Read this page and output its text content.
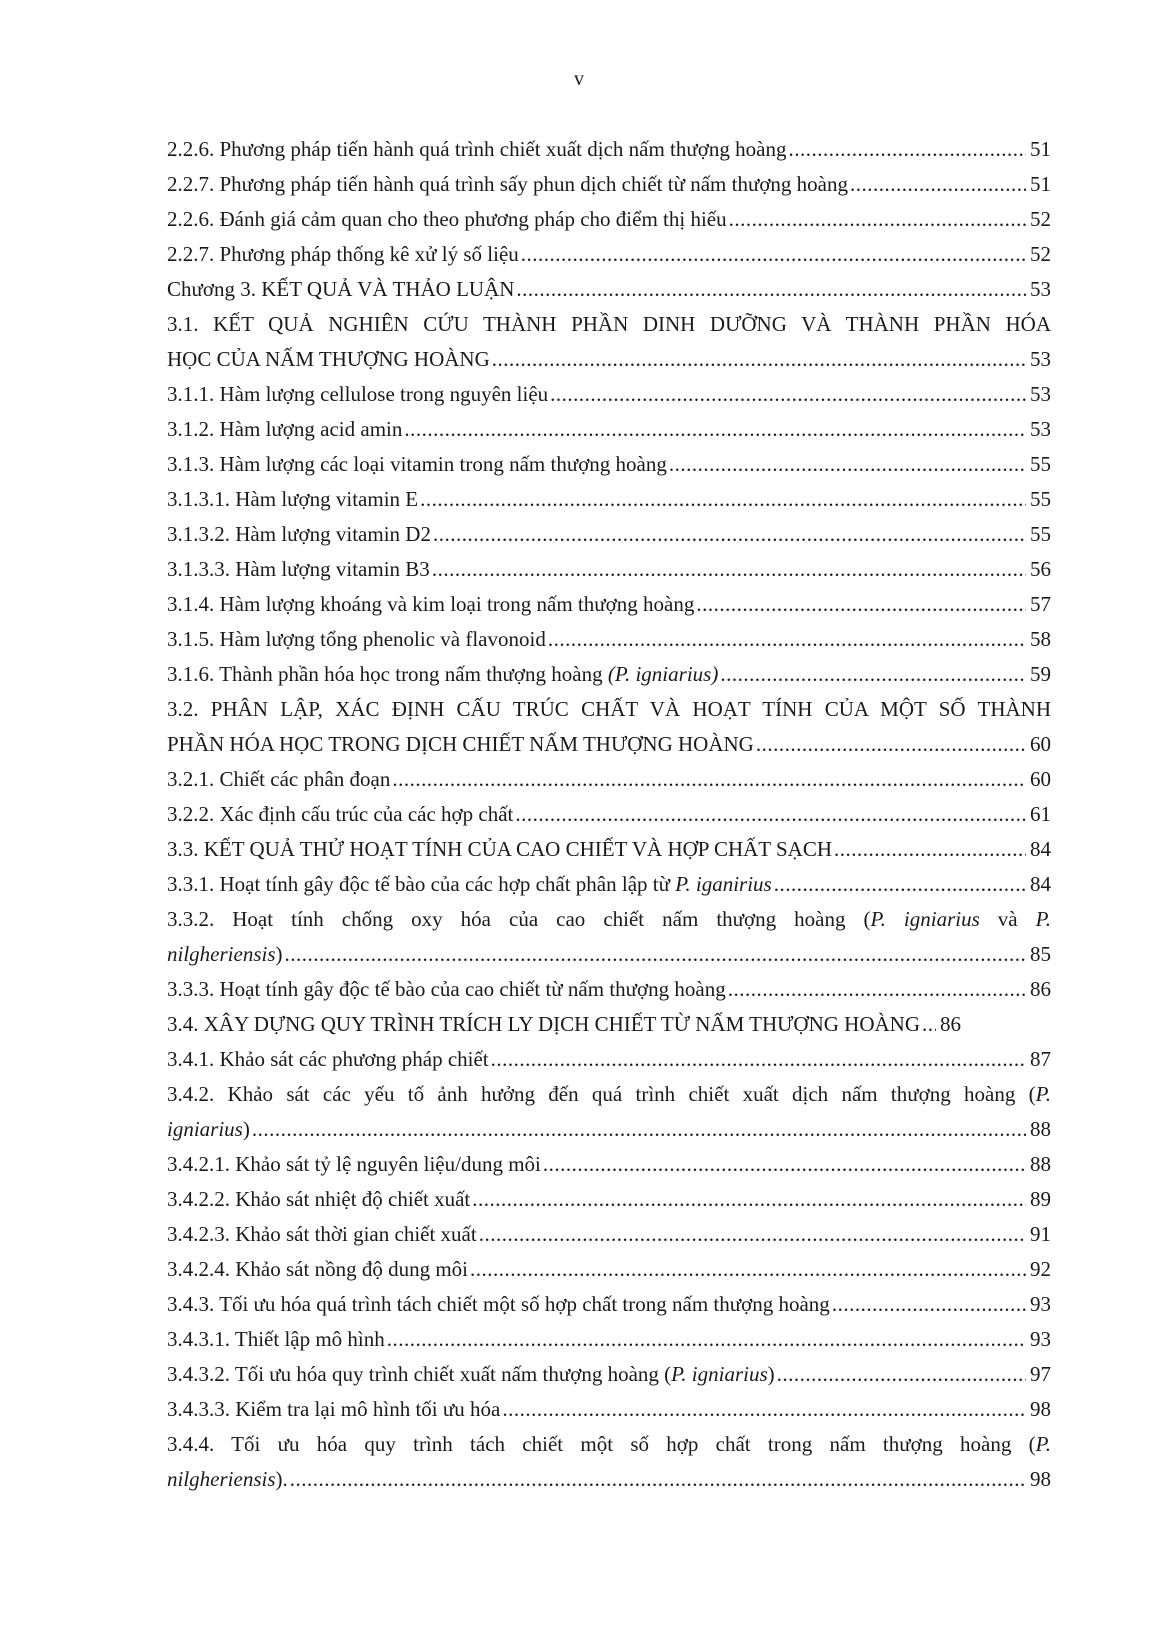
v
2.2.6. Phương pháp tiến hành quá trình chiết xuất dịch nấm thượng hoàng .....	51
2.2.7. Phương pháp tiến hành quá trình sấy phun dịch chiết từ nấm thượng hoàng .....	51
2.2.6. Đánh giá cảm quan cho theo phương pháp cho điểm thị hiếu .....	52
2.2.7. Phương pháp thống kê xử lý số liệu .....	52
Chương 3. KẾT QUẢ VÀ THẢO LUẬN .....	53
3.1. KẾT QUẢ NGHIÊN CỨU THÀNH PHẦN DINH DƯỠNG VÀ THÀNH PHẦN HÓA
HỌC CỦA NẤM THƯỢNG HOÀNG .....	53
3.1.1. Hàm lượng cellulose trong nguyên liệu .....	53
3.1.2. Hàm lượng acid amin .....	53
3.1.3. Hàm lượng các loại vitamin trong nấm thượng hoàng .....	55
3.1.3.1. Hàm lượng vitamin E .....	55
3.1.3.2. Hàm lượng vitamin D2 .....	55
3.1.3.3. Hàm lượng vitamin B3 .....	56
3.1.4. Hàm lượng khoáng và kim loại trong nấm thượng hoàng .....	57
3.1.5. Hàm lượng tổng phenolic và flavonoid .....	58
3.1.6. Thành phần hóa học trong nấm thượng hoàng (P. igniarius) .....	59
3.2. PHÂN LẬP, XÁC ĐỊNH CẤU TRÚC CHẤT VÀ HOẠT TÍNH CỦA MỘT SỐ THÀNH
PHẦN HÓA HỌC TRONG DỊCH CHIẾT NẤM THƯỢNG HOÀNG .....	60
3.2.1. Chiết các phân đoạn .....	60
3.2.2. Xác định cấu trúc của các hợp chất .....	61
3.3. KẾT QUẢ THỬ HOẠT TÍNH CỦA CAO CHIẾT VÀ HỢP CHẤT SẠCH .....	84
3.3.1. Hoạt tính gây độc tế bào của các hợp chất phân lập từ P. iganirius .....	84
3.3.2. Hoạt tính chống oxy hóa của cao chiết nấm thượng hoàng (P. igniarius và P.
nilgheriensis) .....	85
3.3.3. Hoạt tính gây độc tế bào của cao chiết từ nấm thượng hoàng .....	86
3.4. XÂY DỰNG QUY TRÌNH TRÍCH LY DỊCH CHIẾT TỪ NẤM THƯỢNG HOÀNG ..... 86
3.4.1. Khảo sát các phương pháp chiết .....	87
3.4.2. Khảo sát các yếu tố ảnh hưởng đến quá trình chiết xuất dịch nấm thượng hoàng (P.
igniarius) .....	88
3.4.2.1. Khảo sát tỷ lệ nguyên liệu/dung môi .....	88
3.4.2.2. Khảo sát nhiệt độ chiết xuất .....	89
3.4.2.3. Khảo sát thời gian chiết xuất .....	91
3.4.2.4. Khảo sát nồng độ dung môi .....	92
3.4.3. Tối ưu hóa quá trình tách chiết một số hợp chất trong nấm thượng hoàng .....	93
3.4.3.1. Thiết lập mô hình .....	93
3.4.3.2. Tối ưu hóa quy trình chiết xuất nấm thượng hoàng (P. igniarius) .....	97
3.4.3.3. Kiểm tra lại mô hình tối ưu hóa .....	98
3.4.4. Tối ưu hóa quy trình tách chiết một số hợp chất trong nấm thượng hoàng (P.
nilgheriensis). .....	98
